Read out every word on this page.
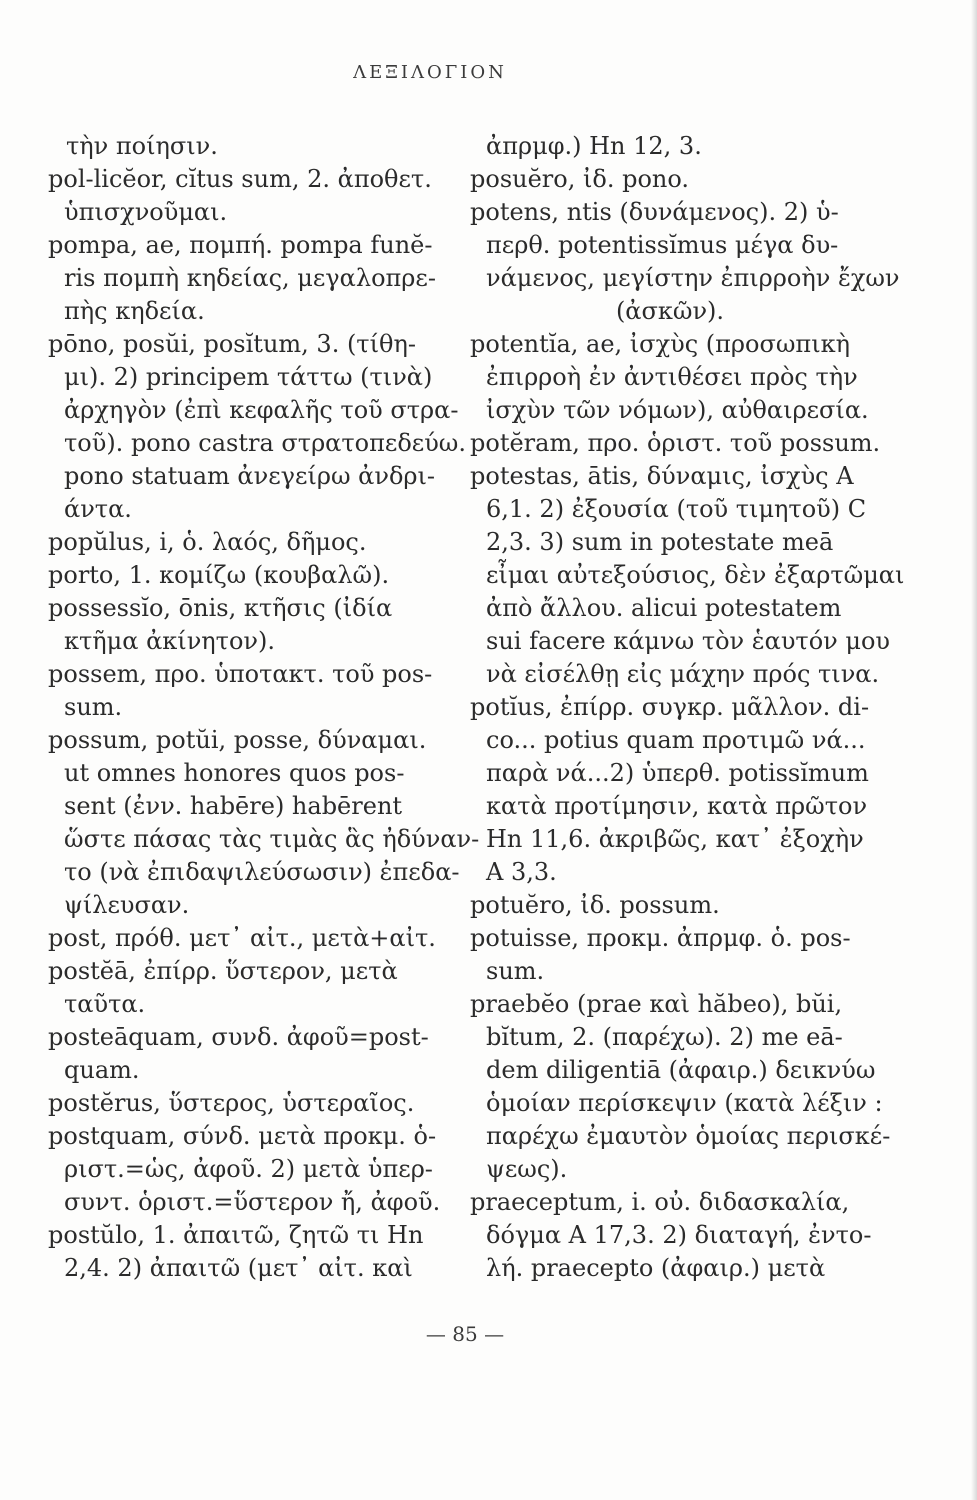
ΛΕΞΙΛΟΓΙΟΝ
τὴν ποίησιν.
pol-licĕor, cĭtus sum, 2. ἀποθετ.
ὑπισχνοῦμαι.
pompa, ae, πομπή. pompa funĕ-
ris πομπὴ κηδείας, μεγαλοπρε-
πὴς κηδεία.
pōno, posŭi, posĭtum, 3. (τίθη-
μι). 2) principem τάττω (τινὰ)
ἀρχηγὸν (ἐπὶ κεφαλῆς τοῦ στρα-
τοῦ). pono castra στρατοπεδεύω.
pono statuam ἀνεγείρω ἀνδρι-
άντα.
popŭlus, i, ὁ. λαός, δῆμος.
porto, 1. κομίζω (κουβαλῶ).
possessĭo, ōnis, κτῆσις (ἰδία
κτῆμα ἀκίνητον).
possem, προ. ὑποτακτ. τοῦ pos-
sum.
possum, potŭi, posse, δύναμαι.
ut omnes honores quos pos-
sent (ἐνν. habēre) habērent
ὥστε πάσας τὰς τιμὰς ἃς ἠδύναν-
το (νὰ ἐπιδαψιλεύσωσιν) ἐπεδα-
ψίλευσαν.
post, πρόθ. μετ᾽ αἰτ., μετὰ+αἰτ.
postĕā, ἐπίρρ. ὕστερον, μετὰ
ταῦτα.
posteāquam, συνδ. ἀφοῦ=post-
quam.
postĕrus, ὕστερος, ὑστεραῖος.
postquam, σύνδ. μετὰ προκμ. ὁ-
ριστ.=ὡς, ἀφοῦ. 2) μετὰ ὑπερ-
συντ. ὁριστ.=ὕστερον ἤ, ἀφοῦ.
postŭlo, 1. ἀπαιτῶ, ζητῶ τι Hn
2,4. 2) ἀπαιτῶ (μετ᾽ αἰτ. καὶ
ἀπρμφ.) Hn 12, 3.
posuĕro, ἰδ. pono.
potens, ntis (δυνάμενος). 2) ὑ-
περθ. potentissĭmus μέγα δυ-
νάμενος, μεγίστην ἐπιρροὴν ἔχων
(ἀσκῶν).
potentĭa, ae, ἰσχὺς (προσωπικὴ
ἐπιρροὴ ἐν ἀντιθέσει πρὸς τὴν
ἰσχὺν τῶν νόμων), αὐθαιρεσία.
potĕram, προ. ὁριστ. τοῦ possum.
potestas, ātis, δύναμις, ἰσχὺς A
6,1. 2) ἐξουσία (τοῦ τιμητοῦ) C
2,3. 3) sum in potestate meā
εἶμαι αὐτεξούσιος, δὲν ἐξαρτῶμαι
ἀπὸ ἄλλου. alicui potestatem
sui facere κάμνω τὸν ἑαυτόν μου
νὰ εἰσέλθῃ εἰς μάχην πρός τινα.
potĭus, ἐπίρρ. συγκρ. μᾶλλον. di-
co... potius quam προτιμῶ νά...
παρὰ νά...2) ὑπερθ. potissĭmum
κατὰ προτίμησιν, κατὰ πρῶτον
Hn 11,6. ἀκριβῶς, κατ᾽ ἐξοχὴν
A 3,3.
potuĕro, ἰδ. possum.
potuisse, προκμ. ἀπρμφ. ὁ. pos-
sum.
praebĕo (prae καὶ hăbeo), bŭi,
bĭtum, 2. (παρέχω). 2) me eā-
dem diligentiā (ἀφαιρ.) δεικνύω
ὁμοίαν περίσκεψιν (κατὰ λέξιν :
παρέχω ἐμαυτὸν ὁμοίας περισκέ-
ψεως).
praeceptum, i. οὐ. διδασκαλία,
δόγμα A 17,3. 2) διαταγή, ἐντο-
λή. praecepto (ἀφαιρ.) μετὰ
— 85 —
